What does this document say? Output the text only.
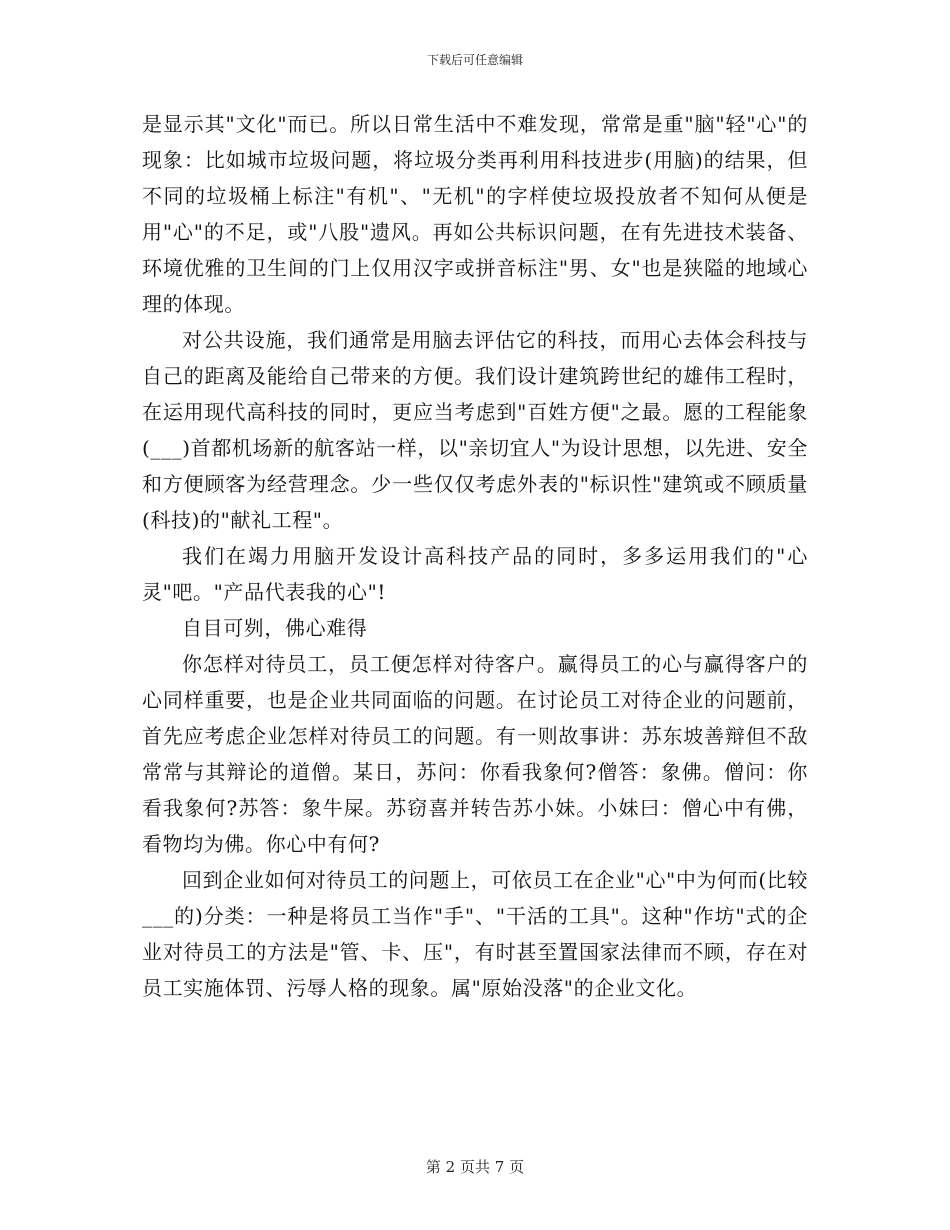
下载后可任意编辑

是显示其"文化"而已。所以日常生活中不难发现，常常是重"脑"轻"心"的现象：比如城市垃圾问题，将垃圾分类再利用科技进步(用脑)的结果，但不同的垃圾桶上标注"有机"、"无机"的字样使垃圾投放者不知何从便是用"心"的不足，或"八股"遗风。再如公共标识问题，在有先进技术装备、环境优雅的卫生间的门上仅用汉字或拼音标注"男、女"也是狭隘的地域心理的体现。

对公共设施，我们通常是用脑去评估它的科技，而用心去体会科技与自己的距离及能给自己带来的方便。我们设计建筑跨世纪的雄伟工程时，在运用现代高科技的同时，更应当考虑到"百姓方便"之最。愿的工程能象(___)首都机场新的航客站一样，以"亲切宜人"为设计思想，以先进、安全和方便顾客为经营理念。少一些仅仅考虑外表的"标识性"建筑或不顾质量(科技)的"献礼工程"。

我们在竭力用脑开发设计高科技产品的同时，多多运用我们的"心灵"吧。"产品代表我的心"!

自目可刿，佛心难得

你怎样对待员工，员工便怎样对待客户。赢得员工的心与赢得客户的心同样重要，也是企业共同面临的问题。在讨论员工对待企业的问题前，首先应考虑企业怎样对待员工的问题。有一则故事讲：苏东坡善辩但不敌常常与其辩论的道僧。某日，苏问：你看我象何?僧答：象佛。僧问：你看我象何?苏答：象牛屎。苏窃喜并转告苏小妹。小妹曰：僧心中有佛，看物均为佛。你心中有何?

回到企业如何对待员工的问题上，可依员工在企业"心"中为何而(比较___的)分类：一种是将员工当作"手"、"干活的工具"。这种"作坊"式的企业对待员工的方法是"管、卡、压"，有时甚至置国家法律而不顾，存在对员工实施体罚、污辱人格的现象。属"原始没落"的企业文化。

第 2 页共 7 页
